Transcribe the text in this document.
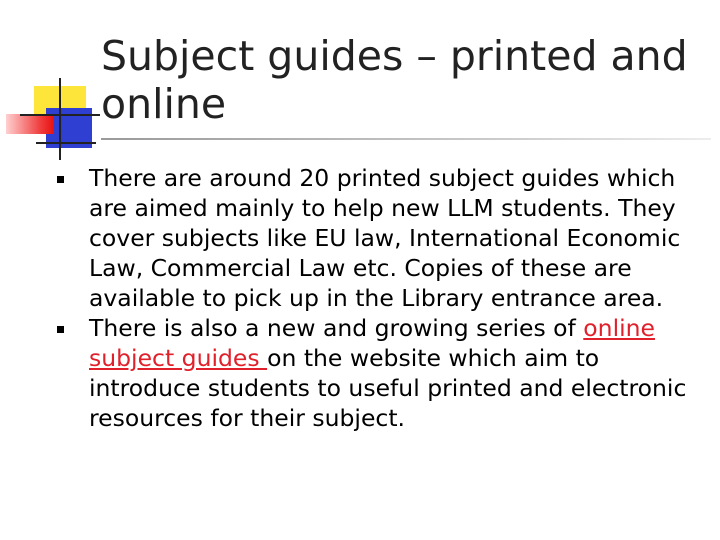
Subject guides – printed and online
There are around 20 printed subject guides which are aimed mainly to help new LLM students. They cover subjects like EU law, International Economic Law, Commercial Law etc. Copies of these are available to pick up in the Library entrance area.
There is also a new and growing series of online subject guides on the website which aim to introduce students to useful printed and electronic resources for their subject.
